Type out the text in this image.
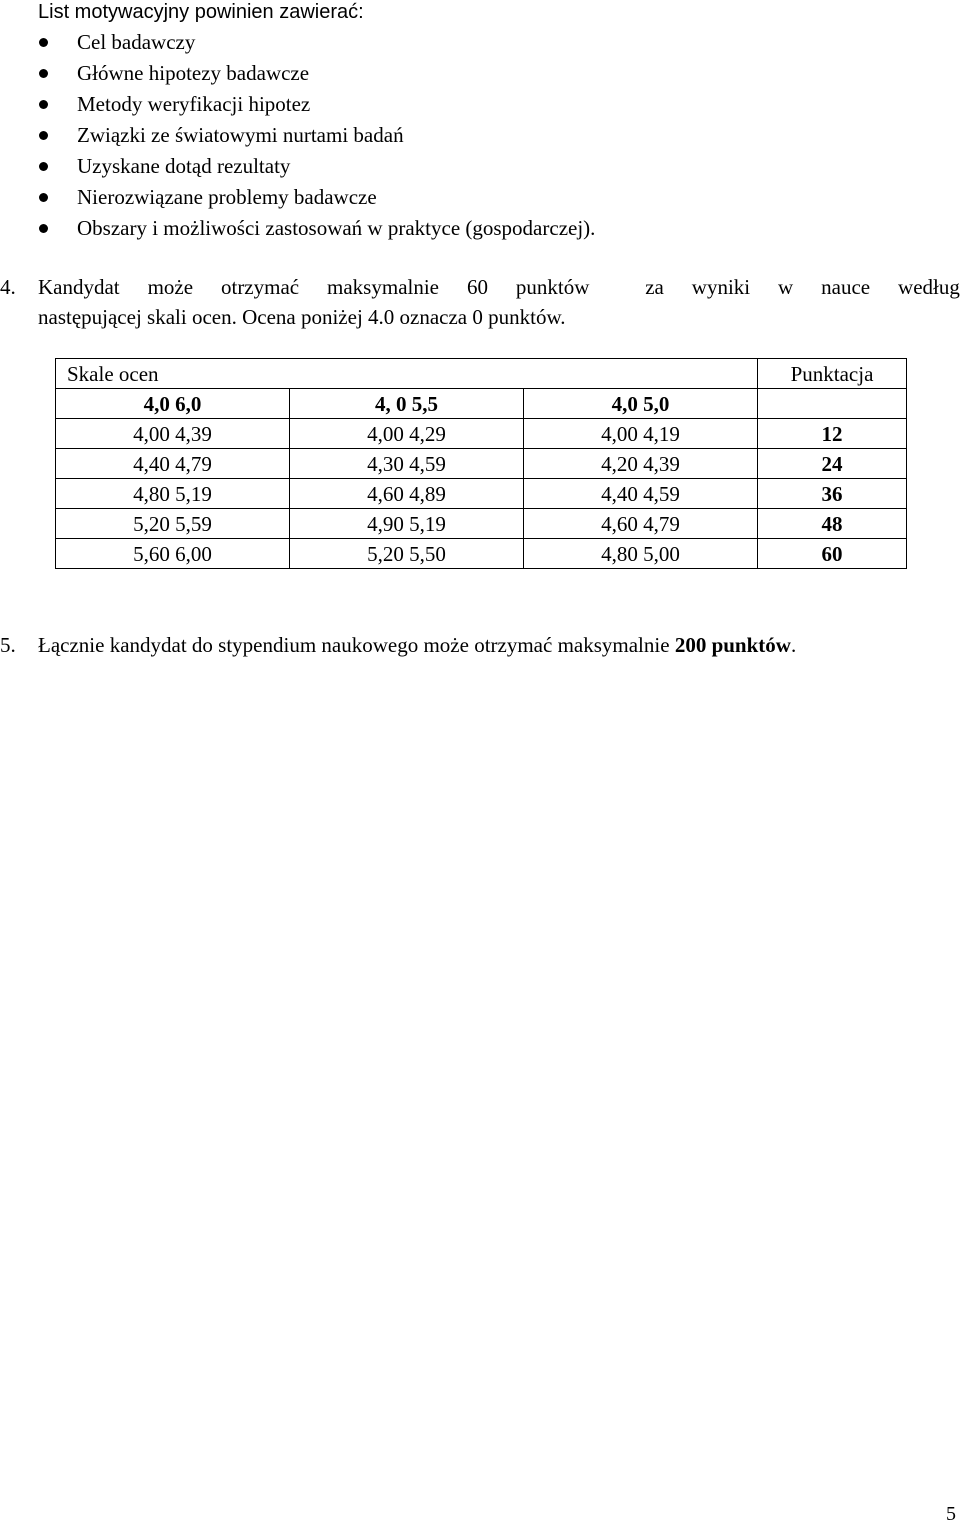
List motywacyjny powinien zawierać:
Cel badawczy
Główne hipotezy badawcze
Metody weryfikacji hipotez
Związki ze światowymi nurtami badań
Uzyskane dotąd rezultaty
Nierozwiązane problemy badawcze
Obszary i możliwości zastosowań w praktyce (gospodarczej).
4. Kandydat może otrzymać maksymalnie 60 punktów	za wyniki w nauce według
następującej skali ocen. Ocena poniżej 4.0 oznacza 0 punktów.
Skale ocen			Punktacja
4,0 6,0	4, 0 5,5	4,0 5,0	
4,00 4,39	4,00 4,29	4,00 4,19	12
4,40 4,79	4,30 4,59	4,20 4,39	24
4,80 5,19	4,60 4,89	4,40 4,59	36
5,20 5,59	4,90 5,19	4,60 4,79	48
5,60 6,00	5,20 5,50	4,80 5,00	60
5. Łącznie kandydat do stypendium naukowego może otrzymać maksymalnie 200 punktów.
5
